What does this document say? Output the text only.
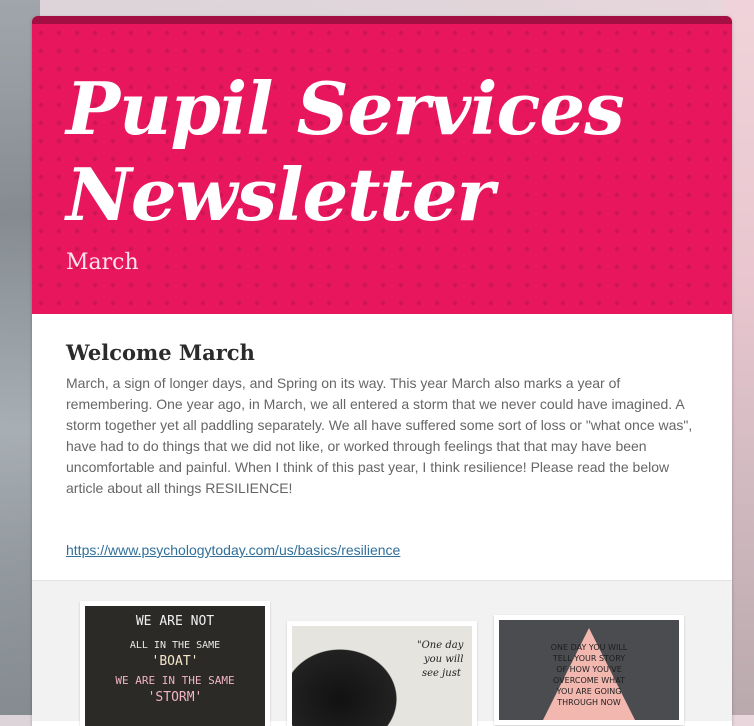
Pupil Services
Newsletter
March
Welcome March

March, a sign of longer days, and Spring on its way. This year March also marks a year of remembering. One year ago, in March, we all entered a storm that we never could have imagined. A storm together yet all paddling separately. We all have suffered some sort of loss or "what once was", have had to do things that we did not like, or worked through feelings that that may have been uncomfortable and painful. When I think of this past year, I think resilience! Please read the below article about all things RESILIENCE!

https://www.psychologytoday.com/us/basics/resilience
WE ARE NOT
ALL IN THE SAME
'BOAT'
WE ARE IN THE SAME
'STORM'
"One day
you will
see just
ONE DAY YOU WILL
TELL YOUR STORY
OF HOW YOU'VE
OVERCOME WHAT
YOU ARE GOING
THROUGH NOW
